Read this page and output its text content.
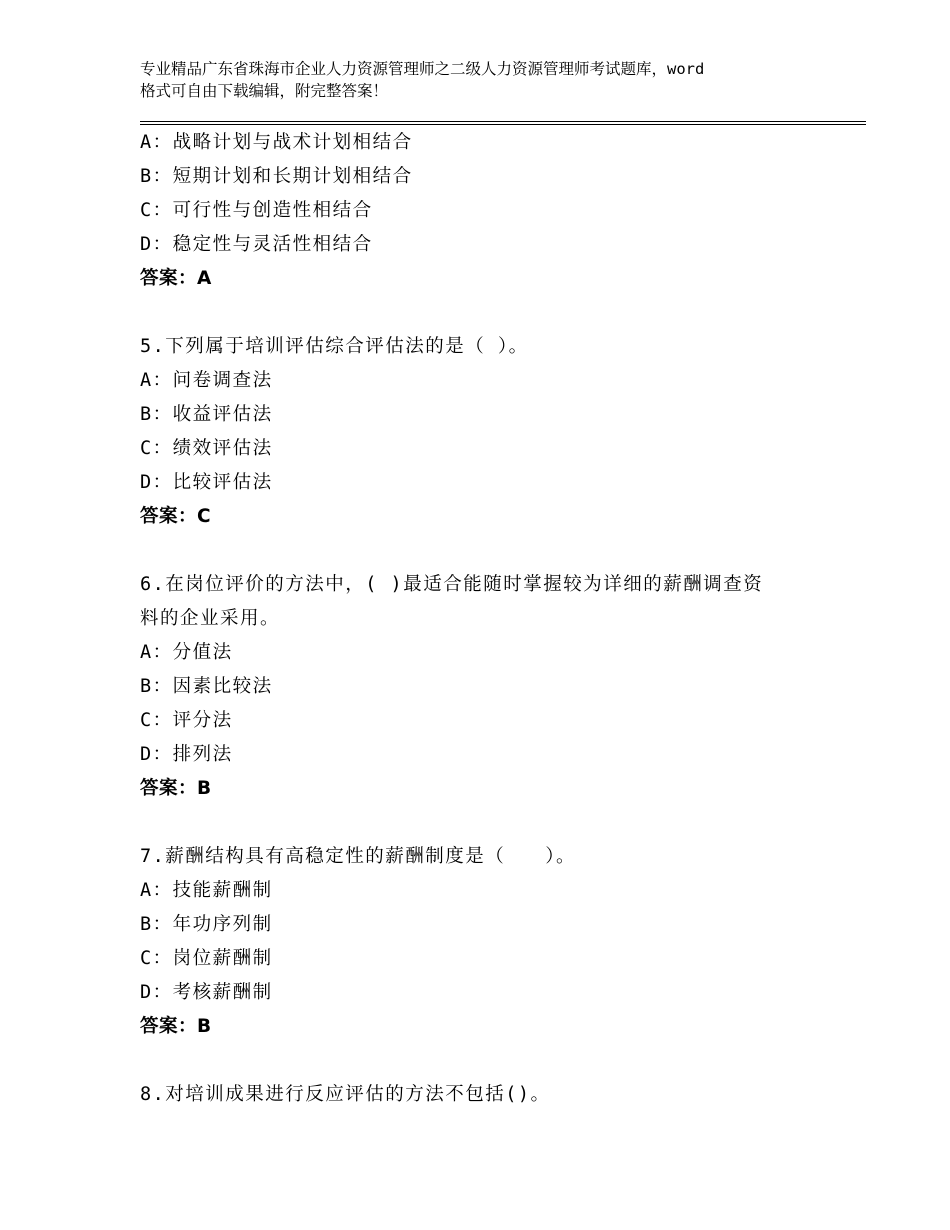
专业精品广东省珠海市企业人力资源管理师之二级人力资源管理师考试题库，word
格式可自由下载编辑，附完整答案！
A：战略计划与战术计划相结合
B：短期计划和长期计划相结合
C：可行性与创造性相结合
D：稳定性与灵活性相结合
答案：A
5.下列属于培训评估综合评估法的是（ ）。
A：问卷调查法
B：收益评估法
C：绩效评估法
D：比较评估法
答案：C
6.在岗位评价的方法中，( )最适合能随时掌握较为详细的薪酬调查资
料的企业采用。
A：分值法
B：因素比较法
C：评分法
D：排列法
答案：B
7.薪酬结构具有高稳定性的薪酬制度是（　　）。
A：技能薪酬制
B：年功序列制
C：岗位薪酬制
D：考核薪酬制
答案：B
8.对培训成果进行反应评估的方法不包括()。
